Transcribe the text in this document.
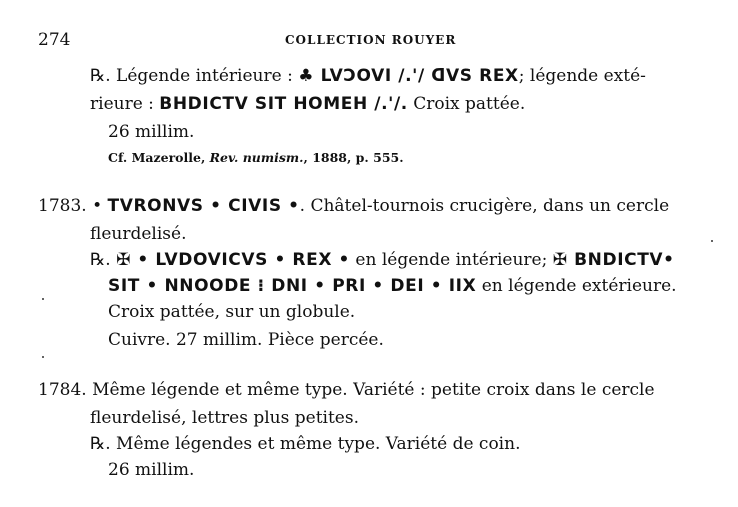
274	COLLECTION ROUYER
℞. Légende intérieure : ♣ LVƆOVI /.'/ ᗡVS REX; légende exté-
rieure : BHDICTV SIT HOMEH /.'/. Croix pattée.
26 millim.
Cf. Mazerolle, Rev. numism., 1888, p. 555.
1783. • TVRONVS • CIVIS •. Châtel-tournois crucigère, dans un cercle
fleurdelisé.
℞. ✠ • LVDOVICVS • REX • en légende intérieure; ✠ BNDICTV•
SIT • NNOODE ⁝ DNI • PRI • DEI • IIX en légende extérieure.
Croix pattée, sur un globule.
Cuivre. 27 millim. Pièce percée.
1784. Même légende et même type. Variété : petite croix dans le cercle
fleurdelisé, lettres plus petites.
℞. Même légendes et même type. Variété de coin.
26 millim.
